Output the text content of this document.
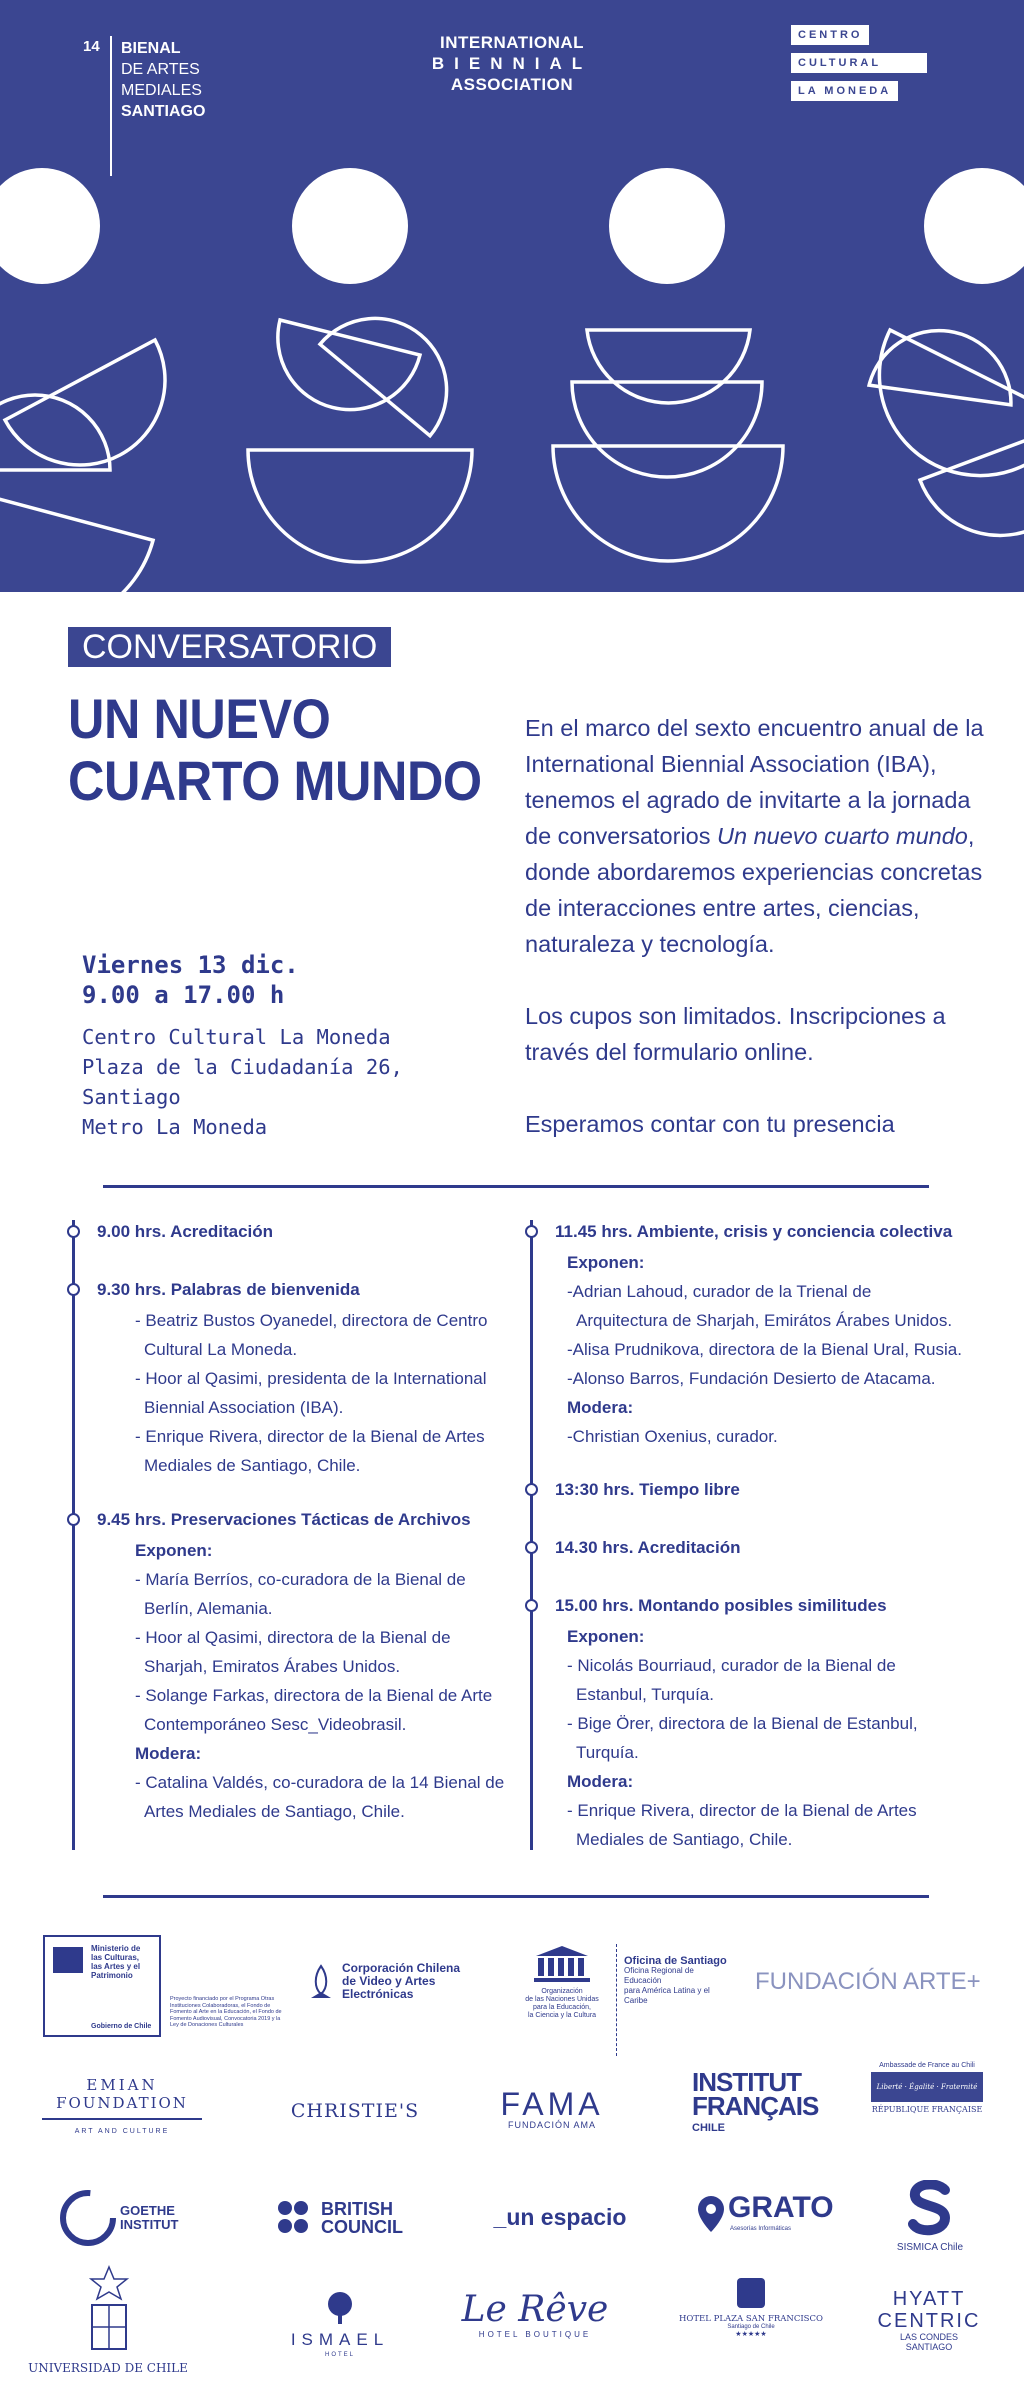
14	BIENAL
DE ARTES
MEDIALES
SANTIAGO
INTERNATIONAL
BIENNIAL
ASSOCIATION
CENTRO
CULTURAL
LA MONEDA
CONVERSATORIO
UN NUEVO
CUARTO MUNDO

En el marco del sexto encuentro anual de la International Biennial Association (IBA), tenemos el agrado de invitarte a la jornada de conversatorios Un nuevo cuarto mundo, donde abordaremos experiencias concretas de interacciones entre artes, ciencias, naturaleza y tecnología.

Los cupos son limitados. Inscripciones a través del formulario online.

Esperamos contar con tu presencia

Viernes 13 dic.
9.00 a 17.00 h
Centro Cultural La Moneda
Plaza de la Ciudadanía 26,
Santiago
Metro La Moneda
9.00 hrs. Acreditación
9.30 hrs. Palabras de bienvenida
- Beatriz Bustos Oyanedel, directora de Centro
Cultural La Moneda.
- Hoor al Qasimi, presidenta de la International
Biennial Association (IBA).
- Enrique Rivera, director de la Bienal de Artes
Mediales de Santiago, Chile.
9.45 hrs. Preservaciones Tácticas de Archivos
Exponen:
- María Berríos, co-curadora de la Bienal de
Berlín, Alemania.
- Hoor al Qasimi, directora de la Bienal de
Sharjah, Emiratos Árabes Unidos.
- Solange Farkas, directora de la Bienal de Arte
Contemporáneo Sesc_Videobrasil.
Modera:
- Catalina Valdés, co-curadora de la 14 Bienal de
Artes Mediales de Santiago, Chile.
11.45 hrs. Ambiente, crisis y conciencia colectiva
Exponen:
-Adrian Lahoud, curador de la Trienal de
Arquitectura de Sharjah, Emirátos Árabes Unidos.
-Alisa Prudnikova, directora de la Bienal Ural, Rusia.
-Alonso Barros, Fundación Desierto de Atacama.
Modera:
-Christian Oxenius, curador.
13:30 hrs. Tiempo libre
14.30 hrs. Acreditación
15.00 hrs. Montando posibles similitudes
Exponen:
- Nicolás Bourriaud, curador de la Bienal de
Estanbul, Turquía.
- Bige Örer, directora de la Bienal de Estanbul,
Turquía.
Modera:
- Enrique Rivera, director de la Bienal de Artes
Mediales de Santiago, Chile.
Ministerio de
las Culturas,
las Artes y el
Patrimonio
Gobierno de Chile
Proyecto financiado por el Programa Otras Instituciones Colaboradoras, el Fondo de Fomento al Arte en la Educación, el Fondo de Fomento Audiovisual, Convocatoria 2019 y la Ley de Donaciones Culturales
Corporación Chilena
de Video y Artes
Electrónicas	Organización
de las Naciones Unidas
para la Educación,
la Ciencia y la Cultura
Oficina de Santiago
Oficina Regional de Educación
para América Latina y el Caribe
FUNDACIÓN ARTE+
EMIAN
FOUNDATION
ART AND CULTURE
CHRISTIE'S	FAMA
FUNDACIÓN AMA
INSTITUT
FRANÇAIS
CHILE
Ambassade de France au Chili
Liberté · Égalité · Fraternité
RÉPUBLIQUE FRANÇAISE
GOETHE
INSTITUT
BRITISH
COUNCIL	_un espacio	GRATO
Asesorías Informáticas
SISMICA Chile
UNIVERSIDAD DE CHILE
ISMAEL
HOTEL
Le Rêve
HOTEL BOUTIQUE
HOTEL PLAZA SAN FRANCISCO
Santiago de Chile
★★★★★
HYATT
CENTRIC
LAS CONDES
SANTIAGO
